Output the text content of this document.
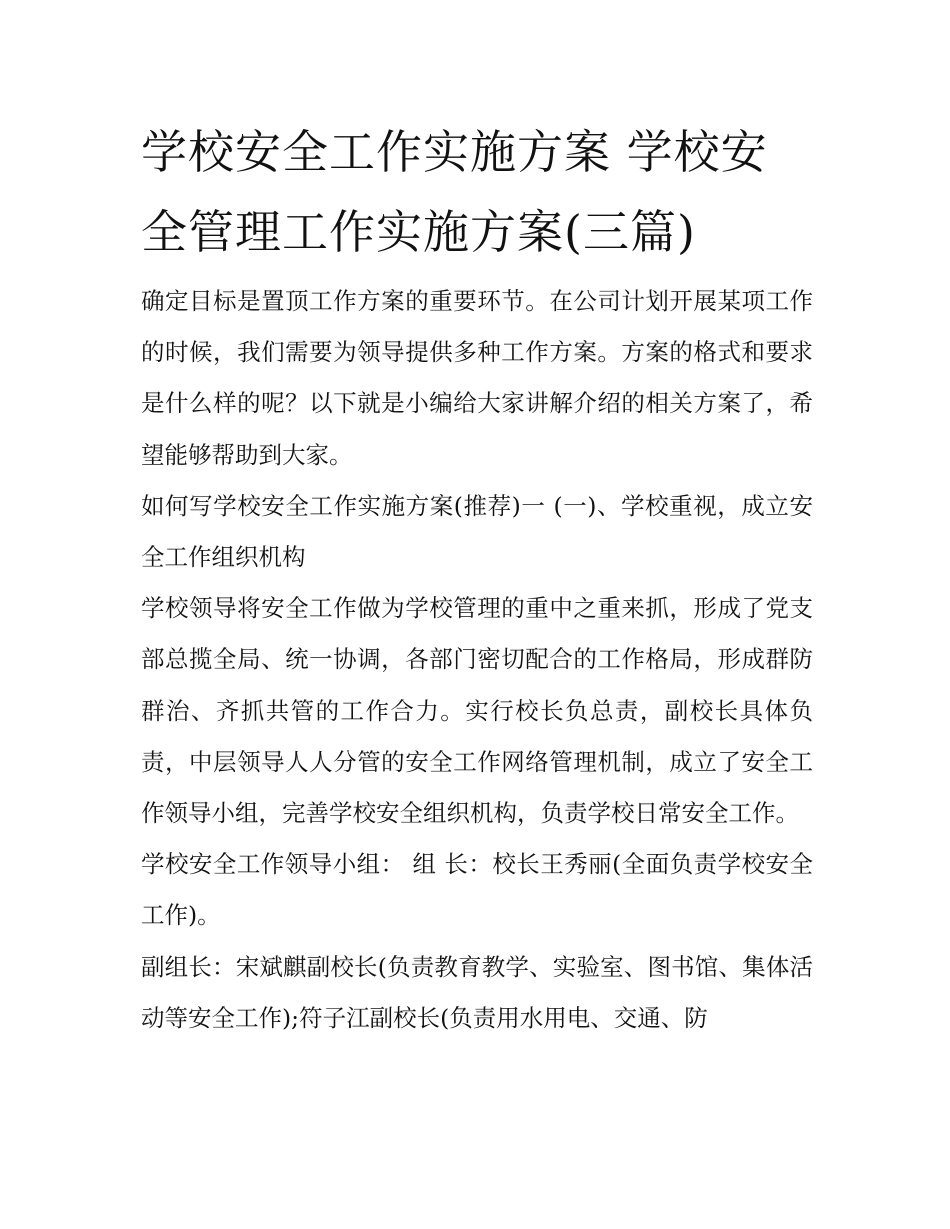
学校安全工作实施方案 学校安全管理工作实施方案(三篇)

确定目标是置顶工作方案的重要环节。在公司计划开展某项工作的时候，我们需要为领导提供多种工作方案。方案的格式和要求是什么样的呢？以下就是小编给大家讲解介绍的相关方案了，希望能够帮助到大家。

如何写学校安全工作实施方案(推荐)一 (一)、学校重视，成立安全工作组织机构

学校领导将安全工作做为学校管理的重中之重来抓，形成了党支部总揽全局、统一协调，各部门密切配合的工作格局，形成群防群治、齐抓共管的工作合力。实行校长负总责，副校长具体负责，中层领导人人分管的安全工作网络管理机制，成立了安全工作领导小组，完善学校安全组织机构，负责学校日常安全工作。

学校安全工作领导小组： 组 长：校长王秀丽(全面负责学校安全工作)。

副组长：宋斌麒副校长(负责教育教学、实验室、图书馆、集体活动等安全工作);符子江副校长(负责用水用电、交通、防
